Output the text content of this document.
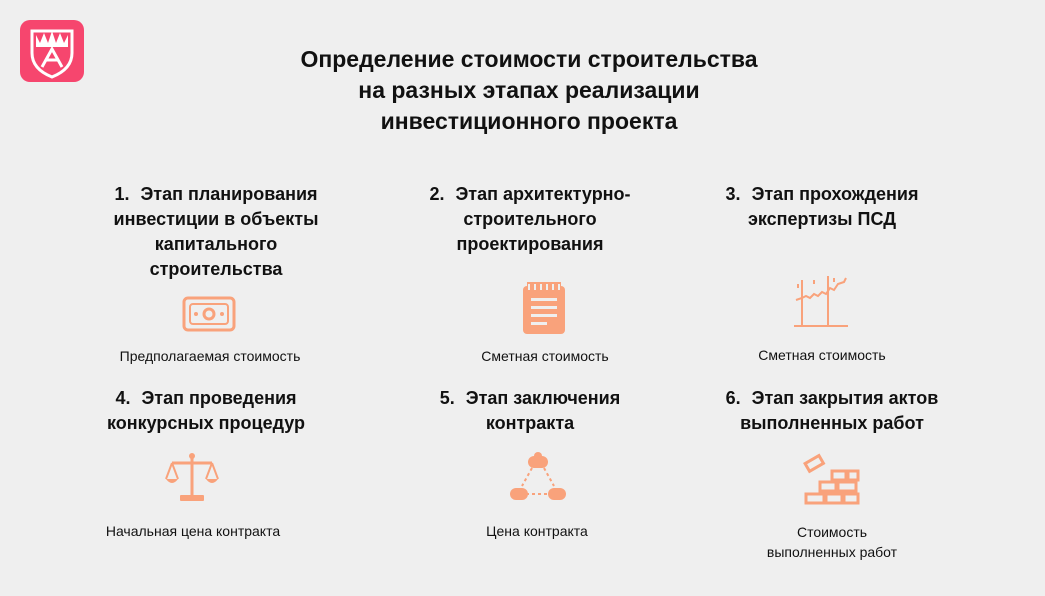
Определение стоимости строительства
на разных этапах реализации
инвестиционного проекта
1. Этап планирования
инвестиции в объекты
капитального
строительства
Предполагаемая стоимость
2. Этап архитектурно-
строительного
проектирования
Сметная стоимость
3. Этап прохождения
экспертизы ПСД
Сметная стоимость
4. Этап проведения
конкурсных процедур
Начальная цена контракта
5. Этап заключения
контракта
Цена контракта
6. Этап закрытия актов
выполненных работ
Стоимость
выполненных работ
